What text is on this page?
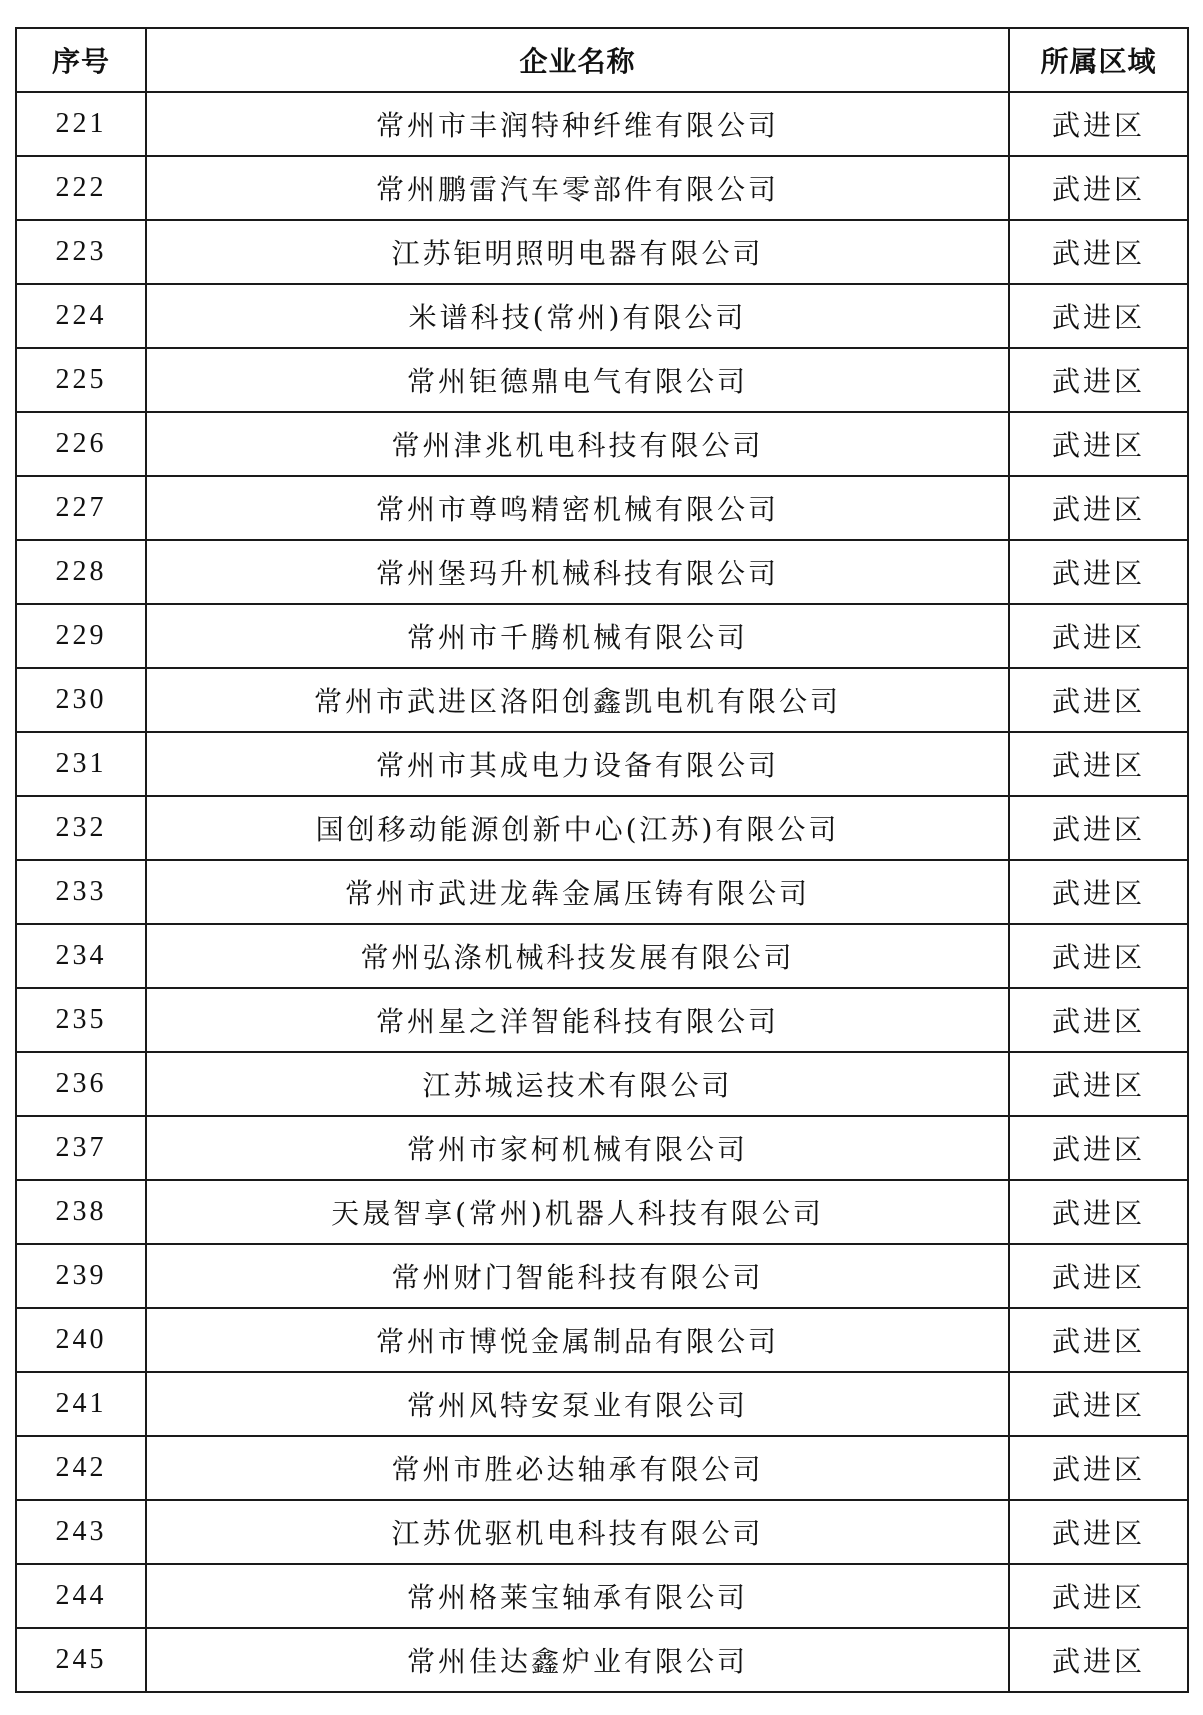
序号	企业名称	所属区域
221	常州市丰润特种纤维有限公司	武进区
222	常州鹏雷汽车零部件有限公司	武进区
223	江苏钜明照明电器有限公司	武进区
224	米谱科技(常州)有限公司	武进区
225	常州钜德鼎电气有限公司	武进区
226	常州津兆机电科技有限公司	武进区
227	常州市尊鸣精密机械有限公司	武进区
228	常州堡玛升机械科技有限公司	武进区
229	常州市千腾机械有限公司	武进区
230	常州市武进区洛阳创鑫凯电机有限公司	武进区
231	常州市其成电力设备有限公司	武进区
232	国创移动能源创新中心(江苏)有限公司	武进区
233	常州市武进龙犇金属压铸有限公司	武进区
234	常州弘涤机械科技发展有限公司	武进区
235	常州星之洋智能科技有限公司	武进区
236	江苏城运技术有限公司	武进区
237	常州市家柯机械有限公司	武进区
238	天晟智享(常州)机器人科技有限公司	武进区
239	常州财门智能科技有限公司	武进区
240	常州市博悦金属制品有限公司	武进区
241	常州风特安泵业有限公司	武进区
242	常州市胜必达轴承有限公司	武进区
243	江苏优驱机电科技有限公司	武进区
244	常州格莱宝轴承有限公司	武进区
245	常州佳达鑫炉业有限公司	武进区
